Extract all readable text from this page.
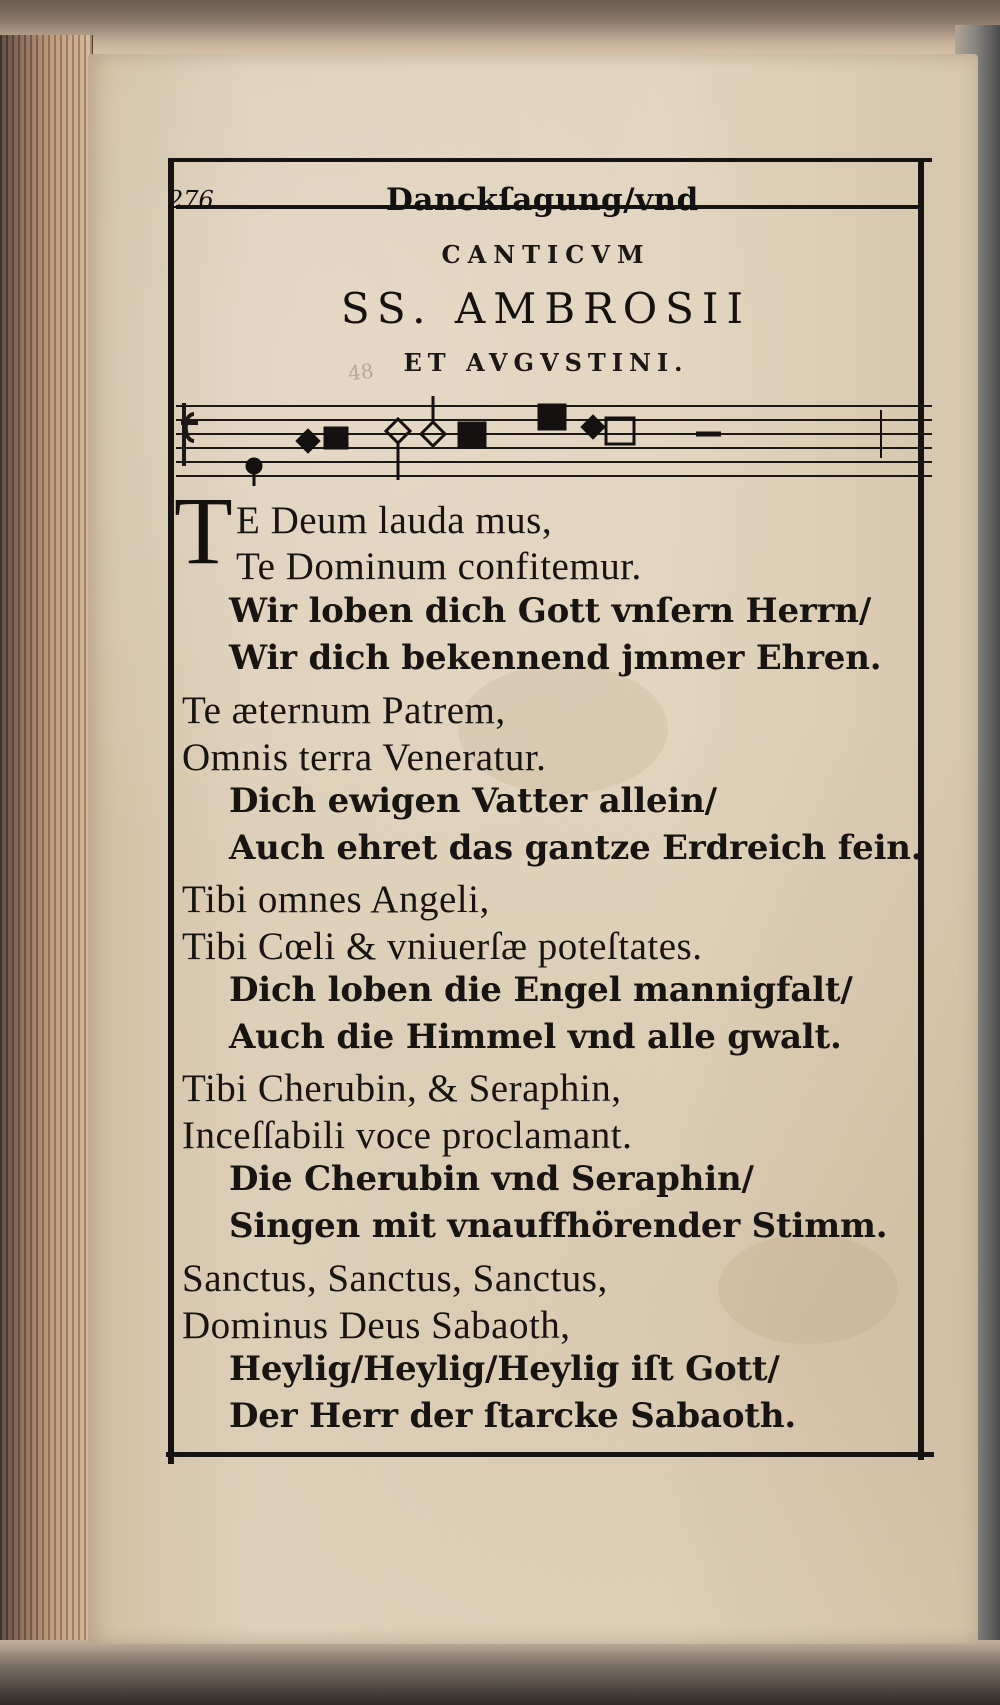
276	Danckſagung/vnd
48
CANTICVM
SS. AMBROSII
ET AVGVSTINI.
T E Deum lauda mus,
Te Dominum confitemur.
Wir loben dich Gott vnſern Herrn/
Wir dich bekennend jmmer Ehren.
Te æternum Patrem,
Omnis terra Veneratur.
Dich ewigen Vatter allein/
Auch ehret das gantze Erdreich fein.
Tibi omnes Angeli,
Tibi Cœli & vniuerſæ poteſtates.
Dich loben die Engel mannigfalt/
Auch die Himmel vnd alle gwalt.
Tibi Cherubin, & Seraphin,
Inceſſabili voce proclamant.
Die Cherubin vnd Seraphin/
Singen mit vnauffhörender Stimm.
Sanctus, Sanctus, Sanctus,
Dominus Deus Sabaoth,
Heylig/Heylig/Heylig iſt Gott/
Der Herr der ſtarcke Sabaoth.
